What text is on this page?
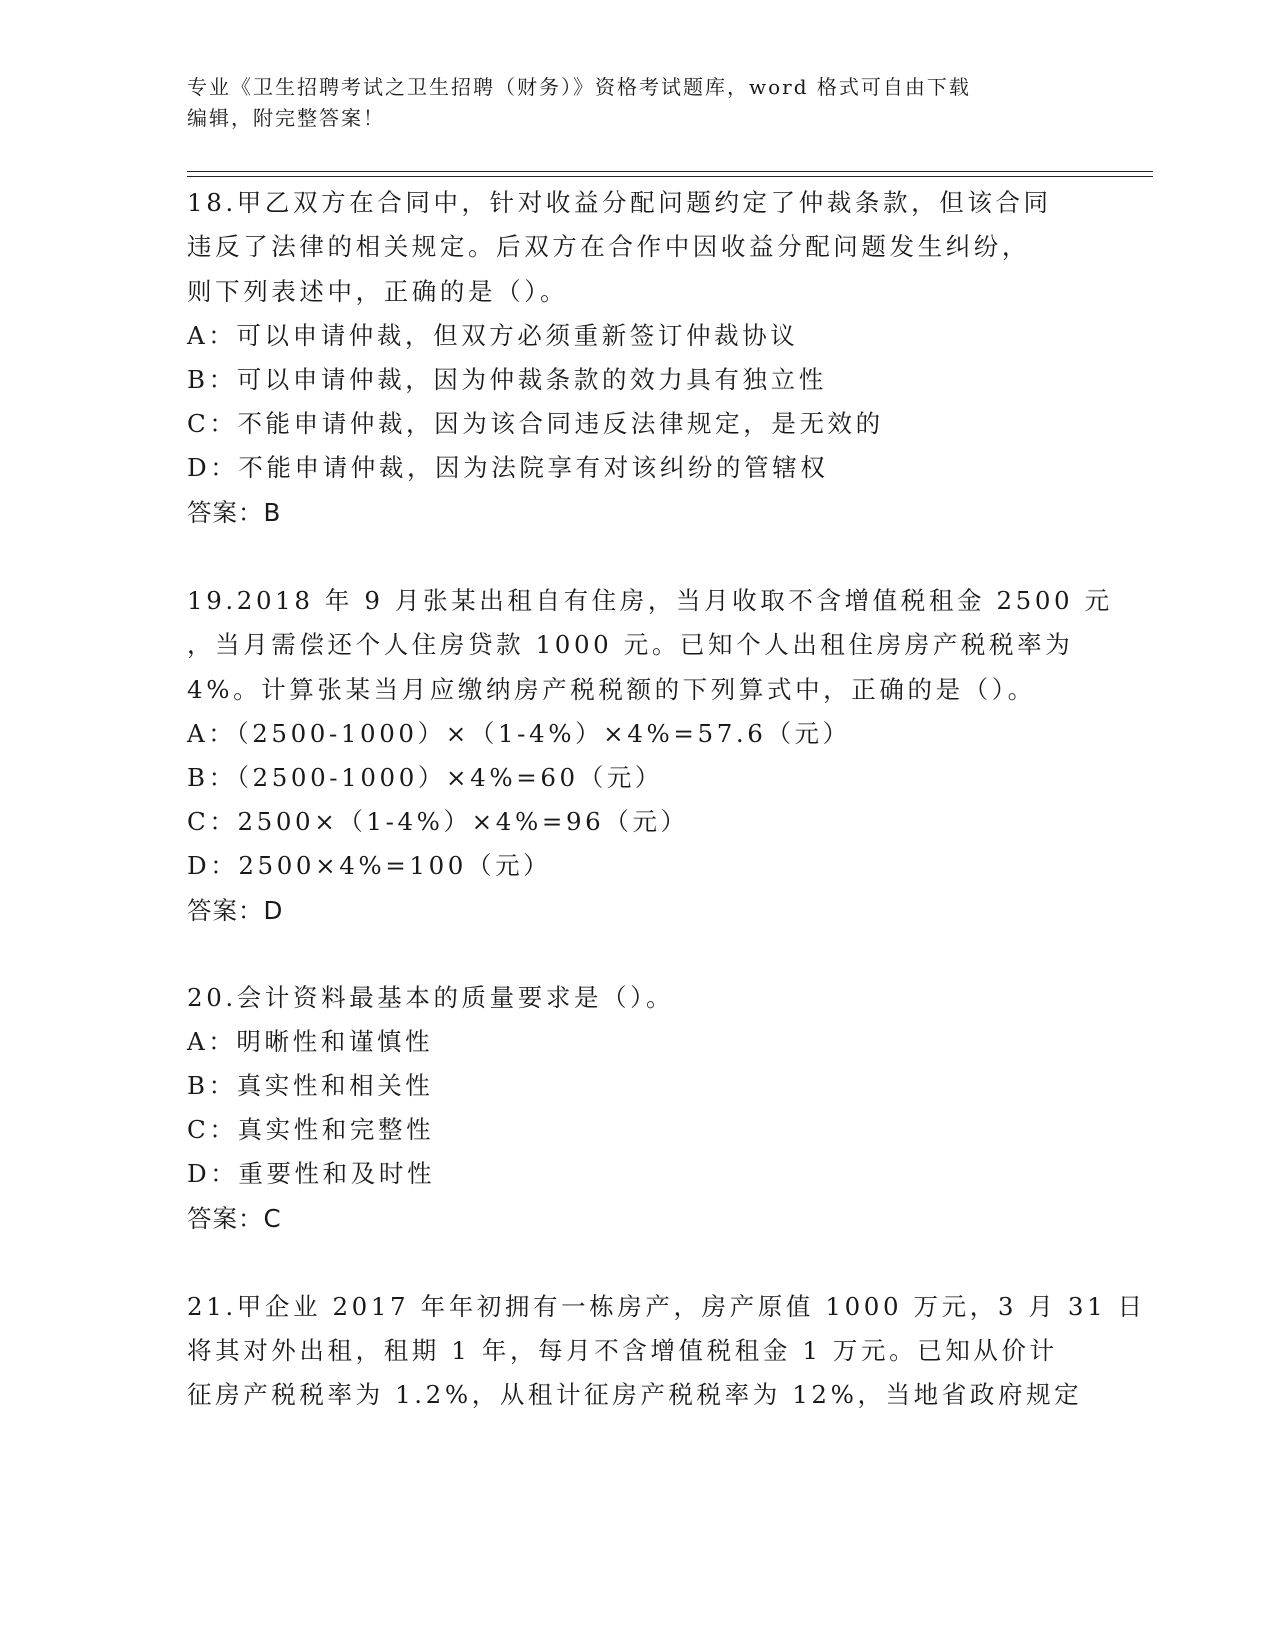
专业《卫生招聘考试之卫生招聘（财务）》资格考试题库，word 格式可自由下载
编辑，附完整答案！
18.甲乙双方在合同中，针对收益分配问题约定了仲裁条款，但该合同
违反了法律的相关规定。后双方在合作中因收益分配问题发生纠纷，
则下列表述中，正确的是（）。
A：可以申请仲裁，但双方必须重新签订仲裁协议
B：可以申请仲裁，因为仲裁条款的效力具有独立性
C：不能申请仲裁，因为该合同违反法律规定，是无效的
D：不能申请仲裁，因为法院享有对该纠纷的管辖权
答案：B
19.2018 年 9 月张某出租自有住房，当月收取不含增值税租金 2500 元
，当月需偿还个人住房贷款 1000 元。已知个人出租住房房产税税率为
4%。计算张某当月应缴纳房产税税额的下列算式中，正确的是（）。
A：（2500-1000）×（1-4%）×4%=57.6（元）
B：（2500-1000）×4%=60（元）
C：2500×（1-4%）×4%=96（元）
D：2500×4%=100（元）
答案：D
20.会计资料最基本的质量要求是（）。
A：明晰性和谨慎性
B：真实性和相关性
C：真实性和完整性
D：重要性和及时性
答案：C
21.甲企业 2017 年年初拥有一栋房产，房产原值 1000 万元，3 月 31 日
将其对外出租，租期 1 年，每月不含增值税租金 1 万元。已知从价计
征房产税税率为 1.2%，从租计征房产税税率为 12%，当地省政府规定
